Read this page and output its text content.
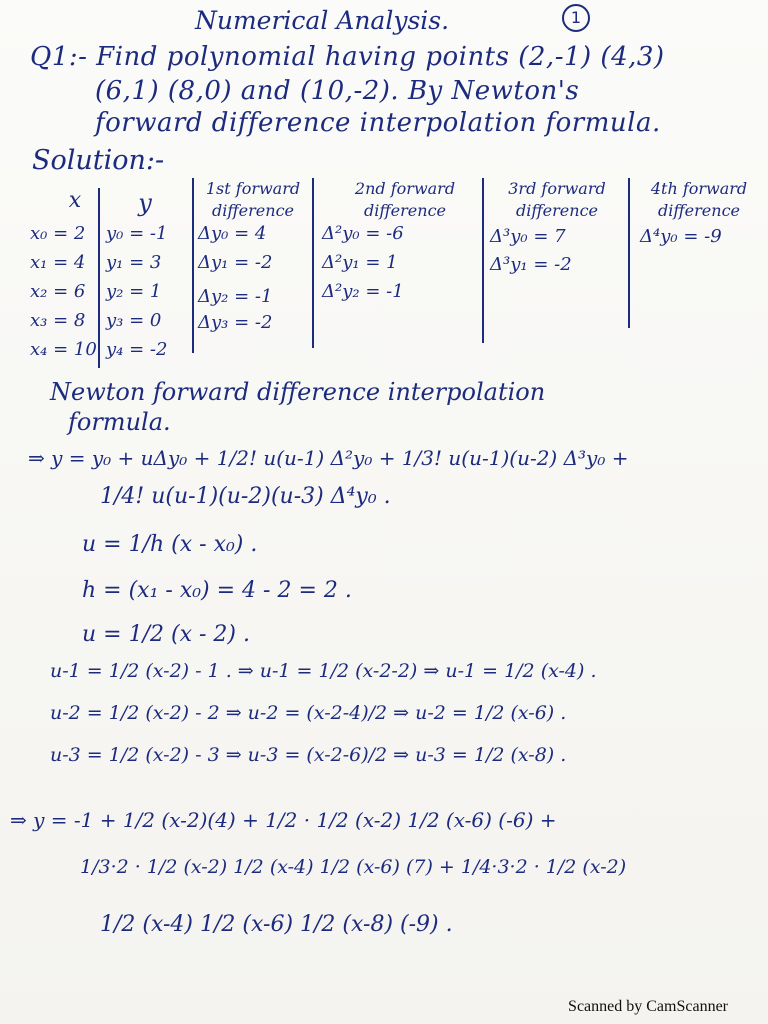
Numerical Analysis.	1
Q1:- Find polynomial having points (2,-1) (4,3)
(6,1) (8,0) and (10,-2). By Newton's
forward difference interpolation formula.
Solution:-
x	y
1st forward difference
2nd forward difference
3rd forward difference
4th forward difference
x₀ = 2
x₁ = 4
x₂ = 6
x₃ = 8
x₄ = 10
y₀ = -1
y₁ = 3
y₂ = 1
y₃ = 0
y₄ = -2
Δy₀ = 4
Δy₁ = -2
Δy₂ = -1
Δy₃ = -2
Δ²y₀ = -6
Δ²y₁ = 1
Δ²y₂ = -1
Δ³y₀ = 7
Δ³y₁ = -2
Δ⁴y₀ = -9
Newton forward difference interpolation
formula.
⇒ y = y₀ + uΔy₀ + 1/2! u(u-1) Δ²y₀ + 1/3! u(u-1)(u-2) Δ³y₀ +
1/4! u(u-1)(u-2)(u-3) Δ⁴y₀ .
u = 1/h (x - x₀) .
h = (x₁ - x₀) = 4 - 2 = 2 .
u = 1/2 (x - 2) .
u-1 = 1/2 (x-2) - 1 . ⇒ u-1 = 1/2 (x-2-2) ⇒ u-1 = 1/2 (x-4) .
u-2 = 1/2 (x-2) - 2 ⇒ u-2 = (x-2-4)/2 ⇒ u-2 = 1/2 (x-6) .
u-3 = 1/2 (x-2) - 3 ⇒ u-3 = (x-2-6)/2 ⇒ u-3 = 1/2 (x-8) .
⇒ y = -1 + 1/2 (x-2)(4) + 1/2 · 1/2 (x-2) 1/2 (x-6) (-6) +
1/3·2 · 1/2 (x-2) 1/2 (x-4) 1/2 (x-6) (7) + 1/4·3·2 · 1/2 (x-2)
1/2 (x-4) 1/2 (x-6) 1/2 (x-8) (-9) .
Scanned by CamScanner
